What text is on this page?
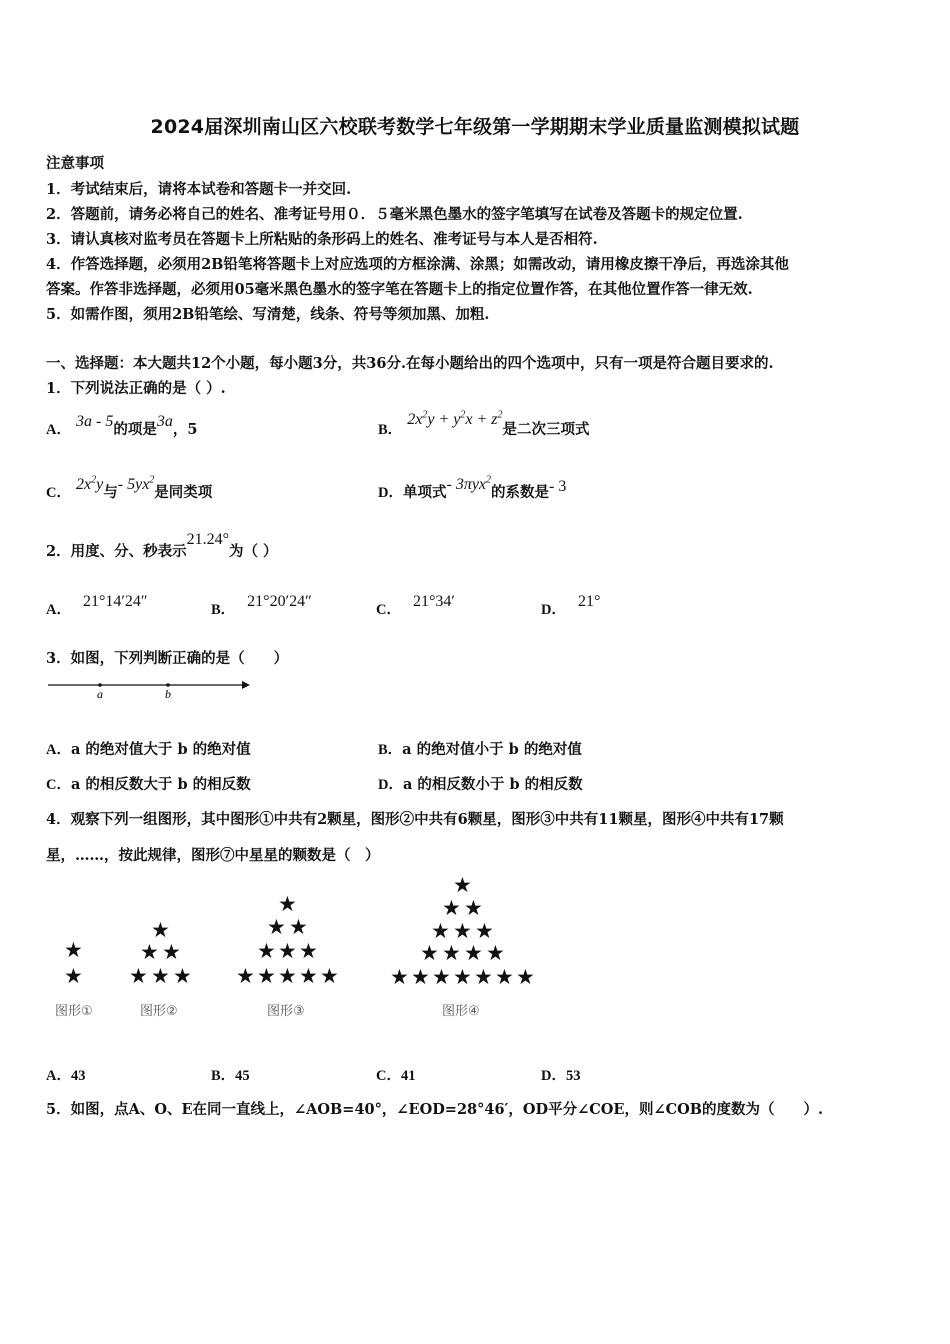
2024届深圳南山区六校联考数学七年级第一学期期末学业质量监测模拟试题
注意事项
1．考试结束后，请将本试卷和答题卡一并交回.
2．答题前，请务必将自己的姓名、准考证号用０．５毫米黑色墨水的签字笔填写在试卷及答题卡的规定位置.
3．请认真核对监考员在答题卡上所粘贴的条形码上的姓名、准考证号与本人是否相符.
4．作答选择题，必须用2B铅笔将答题卡上对应选项的方框涂满、涂黑；如需改动，请用橡皮擦干净后，再选涂其他
答案。作答非选择题，必须用05毫米黑色墨水的签字笔在答题卡上的指定位置作答，在其他位置作答一律无效.
5．如需作图，须用2B铅笔绘、写清楚，线条、符号等须加黑、加粗.
一、选择题：本大题共12个小题，每小题3分，共36分.在每小题给出的四个选项中，只有一项是符合题目要求的.
1．下列说法正确的是（ ）.
A． 3a - 5的项是3a，5	B． $2x^2y + y^2x + z^2$是二次三项式
C． $2x^2y$与- $5yx^2$是同类项	D．单项式- 3πyx$^2$的系数是- 3
2．用度、分、秒表示21.24°为（ ）
A． 21°14′24″	B． 21°20′24″	C． 21°34′	D． 21°
3．如图，下列判断正确的是（　　）
a	b
A．a 的绝对值大于 b 的绝对值	B．a 的绝对值小于 b 的绝对值
C．a 的相反数大于 b 的相反数	D．a 的相反数小于 b 的相反数
4．观察下列一组图形，其中图形①中共有2颗星，图形②中共有6颗星，图形③中共有11颗星，图形④中共有17颗
星，……，按此规律，图形⑦中星星的颗数是（　）
★
★
★
★ ★
★ ★ ★
★
★ ★
★ ★ ★
★ ★ ★ ★ ★
★
★ ★
★ ★ ★
★ ★ ★ ★
★ ★ ★ ★ ★ ★ ★
图形①	图形②	图形③	图形④
A．43	B．45	C．41	D．53
5．如图，点A、O、E在同一直线上，∠AOB=40°，∠EOD=28°46′，OD平分∠COE，则∠COB的度数为（　　）.
